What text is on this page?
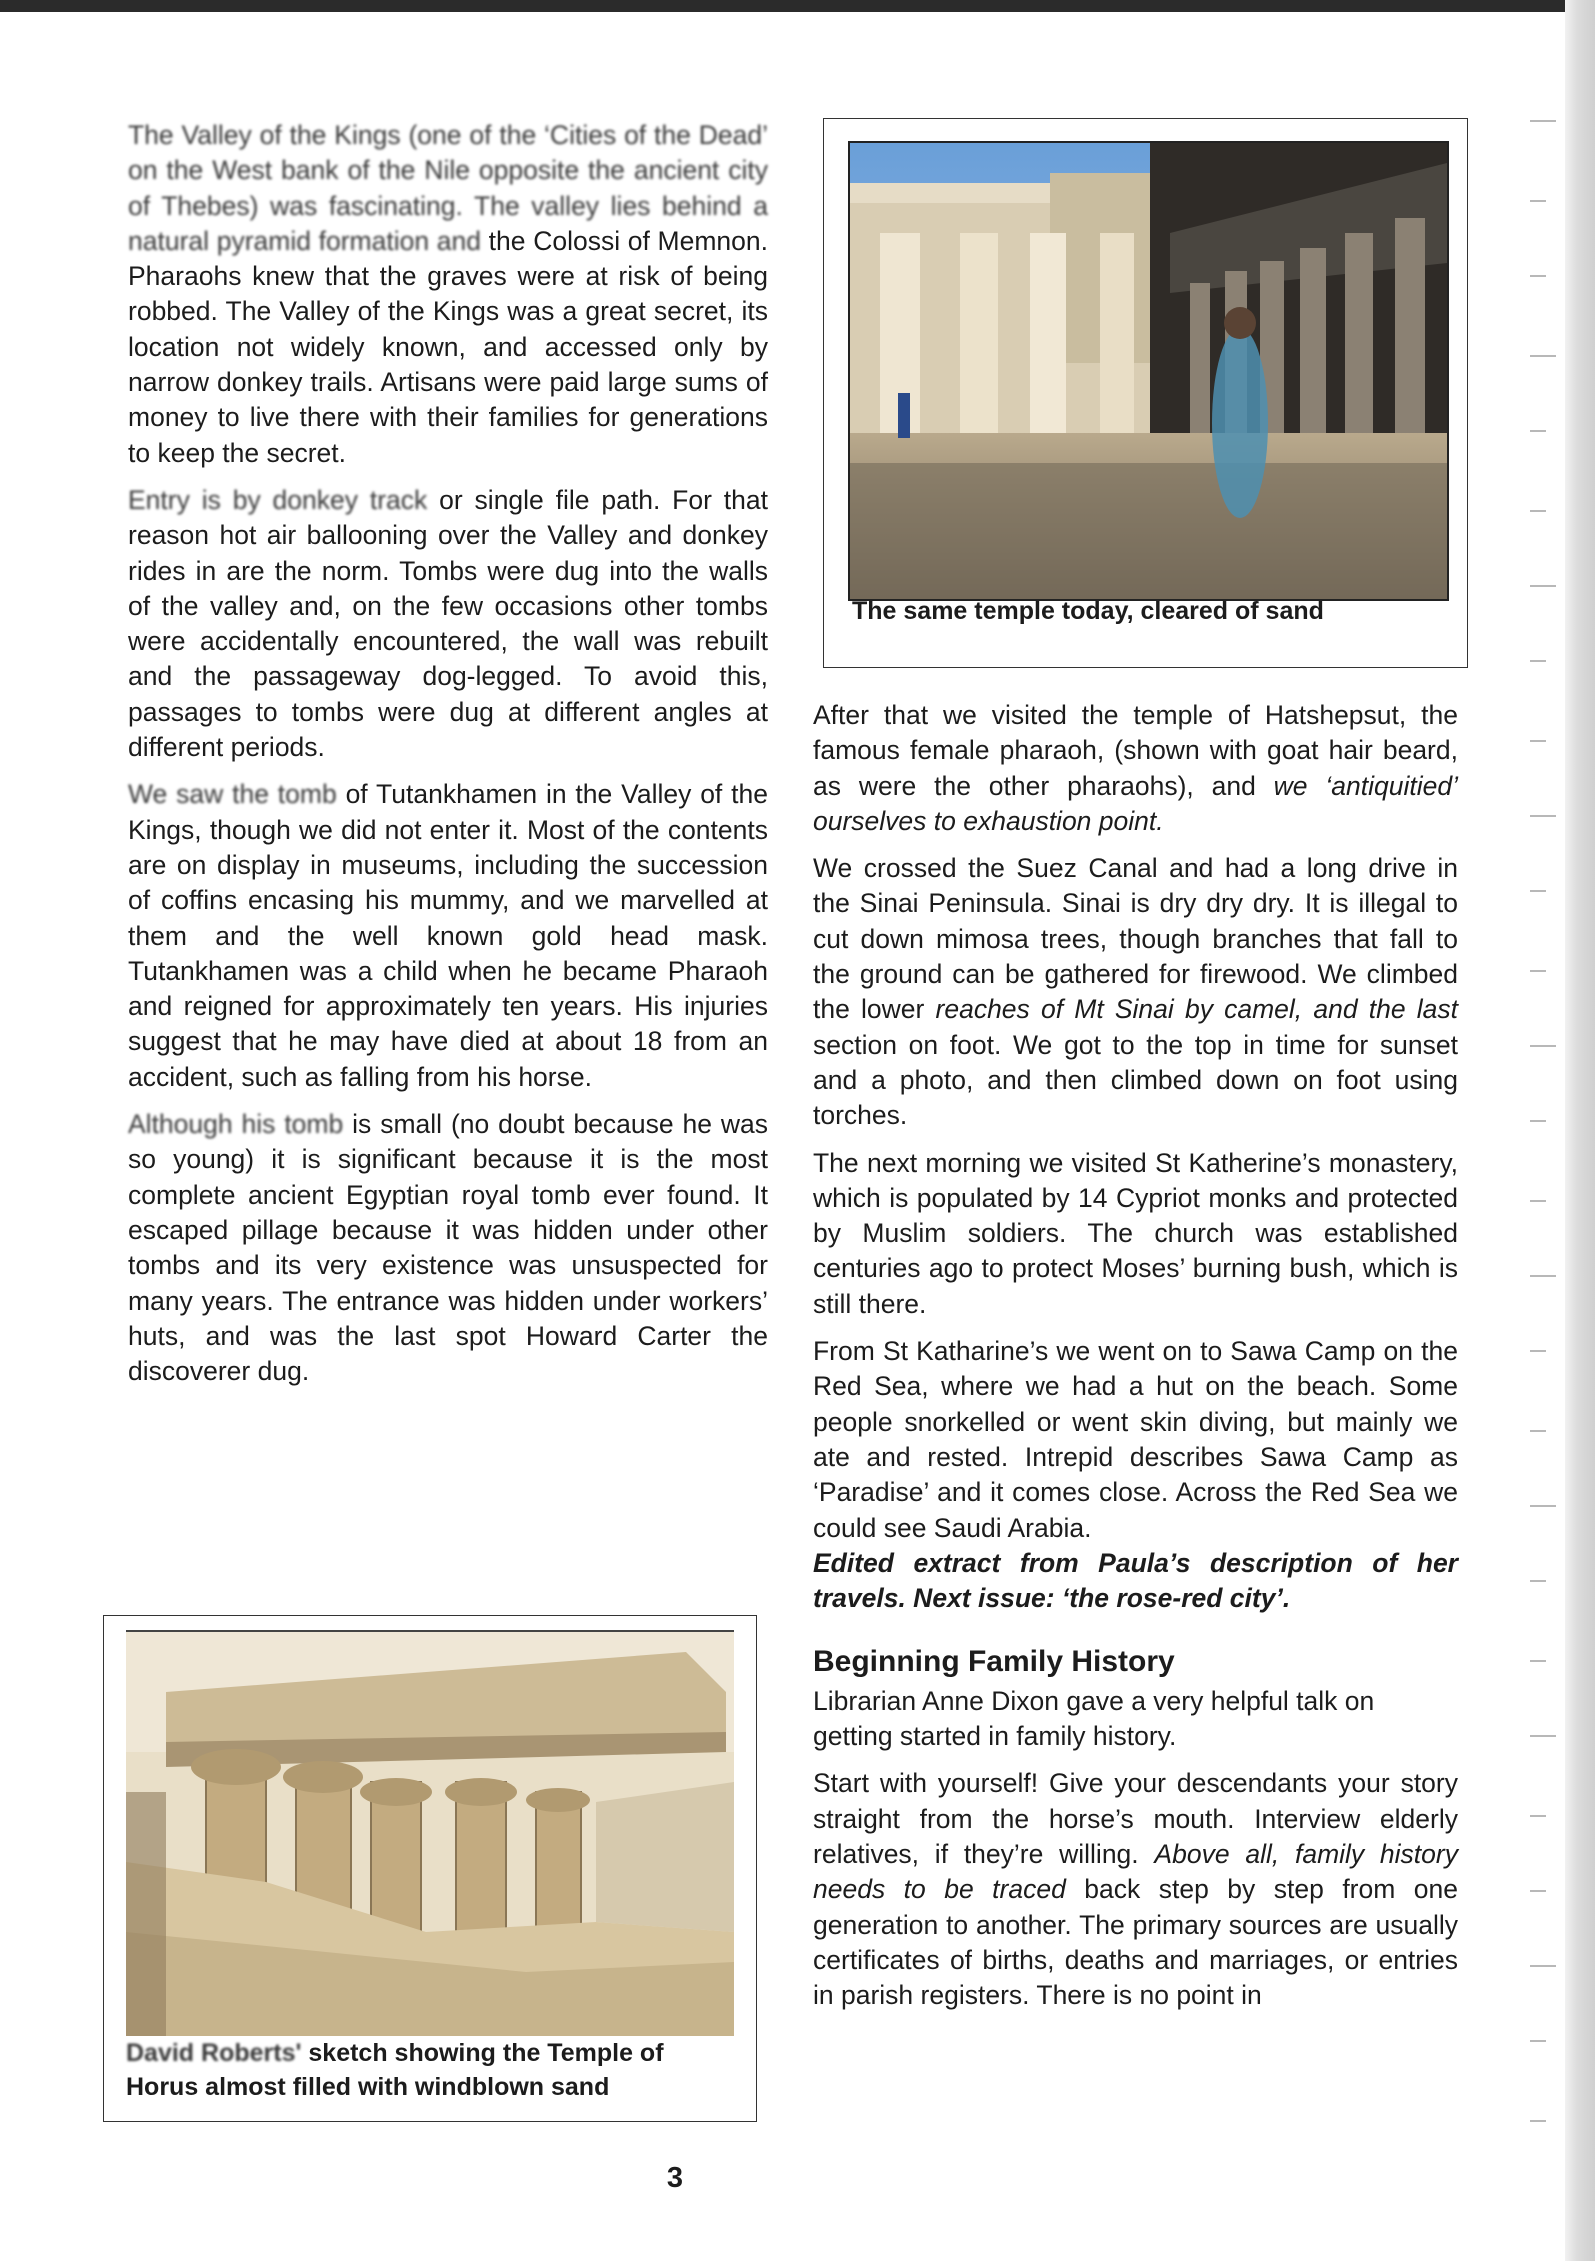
The Valley of the Kings (one of the ‘Cities of the Dead’ on the West bank of the Nile opposite the ancient city of Thebes) was fascinating. The valley lies behind a natural pyramid formation and the Colossi of Memnon. Pharaohs knew that the graves were at risk of being robbed. The Valley of the Kings was a great secret, its location not widely known, and accessed only by narrow donkey trails. Artisans were paid large sums of money to live there with their families for generations to keep the secret.

Entry is by donkey track or single file path. For that reason hot air ballooning over the Valley and donkey rides in are the norm. Tombs were dug into the walls of the valley and, on the few occasions other tombs were accidentally encountered, the wall was rebuilt and the passageway dog-legged. To avoid this, passages to tombs were dug at different angles at different periods.

We saw the tomb of Tutankhamen in the Valley of the Kings, though we did not enter it. Most of the contents are on display in museums, including the succession of coffins encasing his mummy, and we marvelled at them and the well known gold head mask. Tutankhamen was a child when he became Pharaoh and reigned for approximately ten years. His injuries suggest that he may have died at about 18 from an accident, such as falling from his horse.

Although his tomb is small (no doubt because he was so young) it is significant because it is the most complete ancient Egyptian royal tomb ever found. It escaped pillage because it was hidden under other tombs and its very existence was unsuspected for many years. The entrance was hidden under workers’ huts, and was the last spot Howard Carter the discoverer dug.

The same temple today, cleared of sand

After that we visited the temple of Hatshepsut, the famous female pharaoh, (shown with goat hair beard, as were the other pharaohs), and we ‘antiquitied’ ourselves to exhaustion point.

We crossed the Suez Canal and had a long drive in the Sinai Peninsula. Sinai is dry dry dry. It is illegal to cut down mimosa trees, though branches that fall to the ground can be gathered for firewood. We climbed the lower reaches of Mt Sinai by camel, and the last section on foot. We got to the top in time for sunset and a photo, and then climbed down on foot using torches.

The next morning we visited St Katherine’s monastery, which is populated by 14 Cypriot monks and protected by Muslim soldiers. The church was established centuries ago to protect Moses’ burning bush, which is still there.

From St Katharine’s we went on to Sawa Camp on the Red Sea, where we had a hut on the beach. Some people snorkelled or went skin diving, but mainly we ate and rested. Intrepid describes Sawa Camp as ‘Paradise’ and it comes close. Across the Red Sea we could see Saudi Arabia.

Edited extract from Paula’s description of her travels. Next issue: ‘the rose-red city’.

Beginning Family History

Librarian Anne Dixon gave a very helpful talk on getting started in family history.

Start with yourself! Give your descendants your story straight from the horse’s mouth. Interview elderly relatives, if they’re willing. Above all, family history needs to be traced back step by step from one generation to another. The primary sources are usually certificates of births, deaths and marriages, or entries in parish registers. There is no point in

David Roberts' sketch showing the Temple of Horus almost filled with windblown sand
3
